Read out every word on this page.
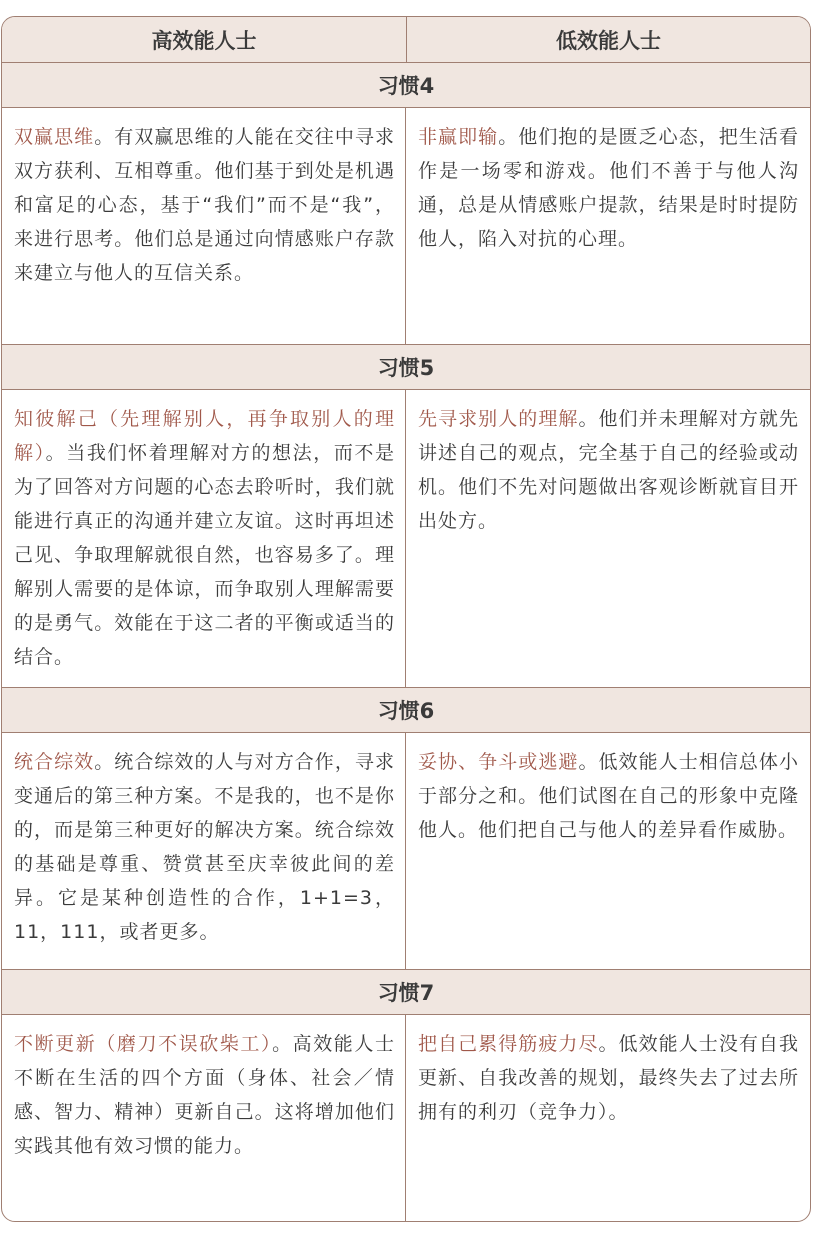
高效能人士	低效能人士
习惯4
双赢思维。有双赢思维的人能在交往中寻求双方获利、互相尊重。他们基于到处是机遇和富足的心态，基于“我们”而不是“我”，来进行思考。他们总是通过向情感账户存款来建立与他人的互信关系。
非赢即输。他们抱的是匮乏心态，把生活看作是一场零和游戏。他们不善于与他人沟通，总是从情感账户提款，结果是时时提防他人，陷入对抗的心理。
习惯5
知彼解己（先理解别人，再争取别人的理解）。当我们怀着理解对方的想法，而不是为了回答对方问题的心态去聆听时，我们就能进行真正的沟通并建立友谊。这时再坦述己见、争取理解就很自然，也容易多了。理解别人需要的是体谅，而争取别人理解需要的是勇气。效能在于这二者的平衡或适当的结合。
先寻求别人的理解。他们并未理解对方就先讲述自己的观点，完全基于自己的经验或动机。他们不先对问题做出客观诊断就盲目开出处方。
习惯6
统合综效。统合综效的人与对方合作，寻求变通后的第三种方案。不是我的，也不是你的，而是第三种更好的解决方案。统合综效的基础是尊重、赞赏甚至庆幸彼此间的差异。它是某种创造性的合作，1+1=3，11，111，或者更多。
妥协、争斗或逃避。低效能人士相信总体小于部分之和。他们试图在自己的形象中克隆他人。他们把自己与他人的差异看作威胁。
习惯7
不断更新（磨刀不误砍柴工）。高效能人士不断在生活的四个方面（身体、社会／情感、智力、精神）更新自己。这将增加他们实践其他有效习惯的能力。
把自己累得筋疲力尽。低效能人士没有自我更新、自我改善的规划，最终失去了过去所拥有的利刃（竞争力）。
